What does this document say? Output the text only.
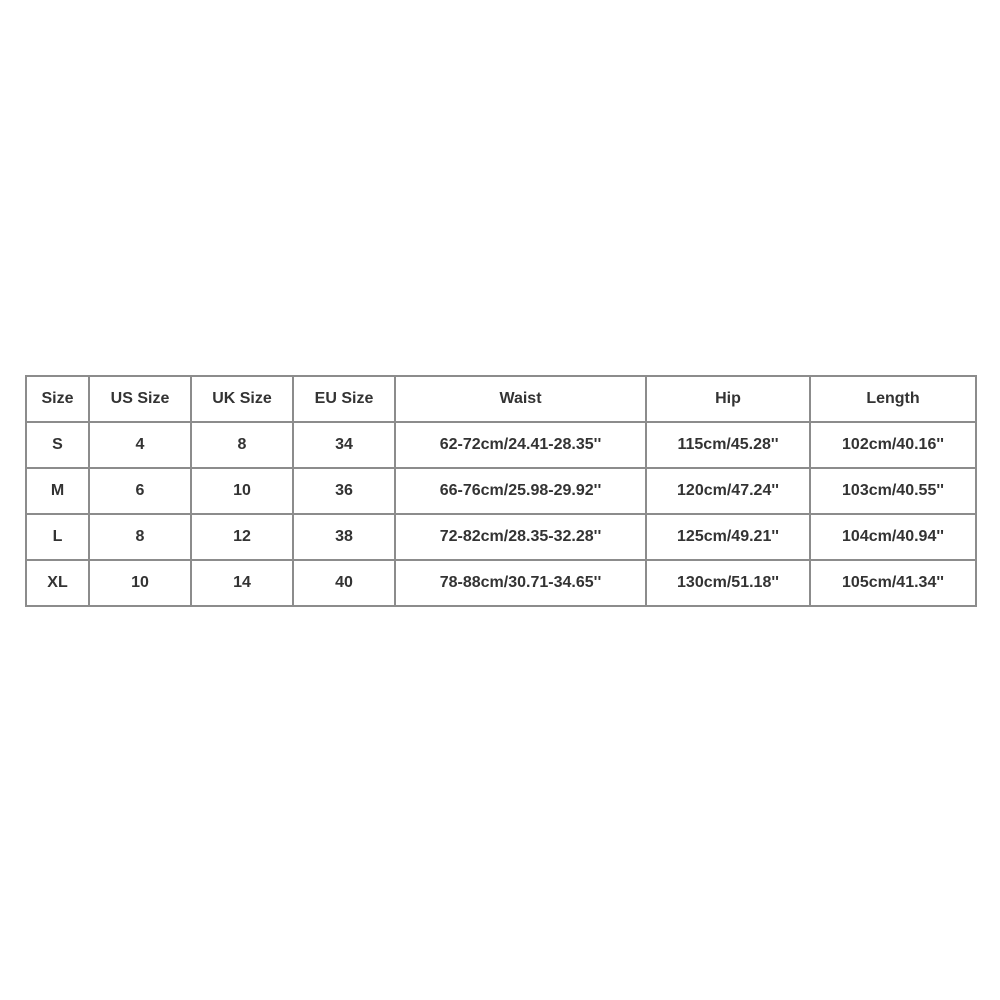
Size	US Size	UK Size	EU Size	Waist	Hip	Length
S	4	8	34	62-72cm/24.41-28.35''	115cm/45.28''	102cm/40.16''
M	6	10	36	66-76cm/25.98-29.92''	120cm/47.24''	103cm/40.55''
L	8	12	38	72-82cm/28.35-32.28''	125cm/49.21''	104cm/40.94''
XL	10	14	40	78-88cm/30.71-34.65''	130cm/51.18''	105cm/41.34''
